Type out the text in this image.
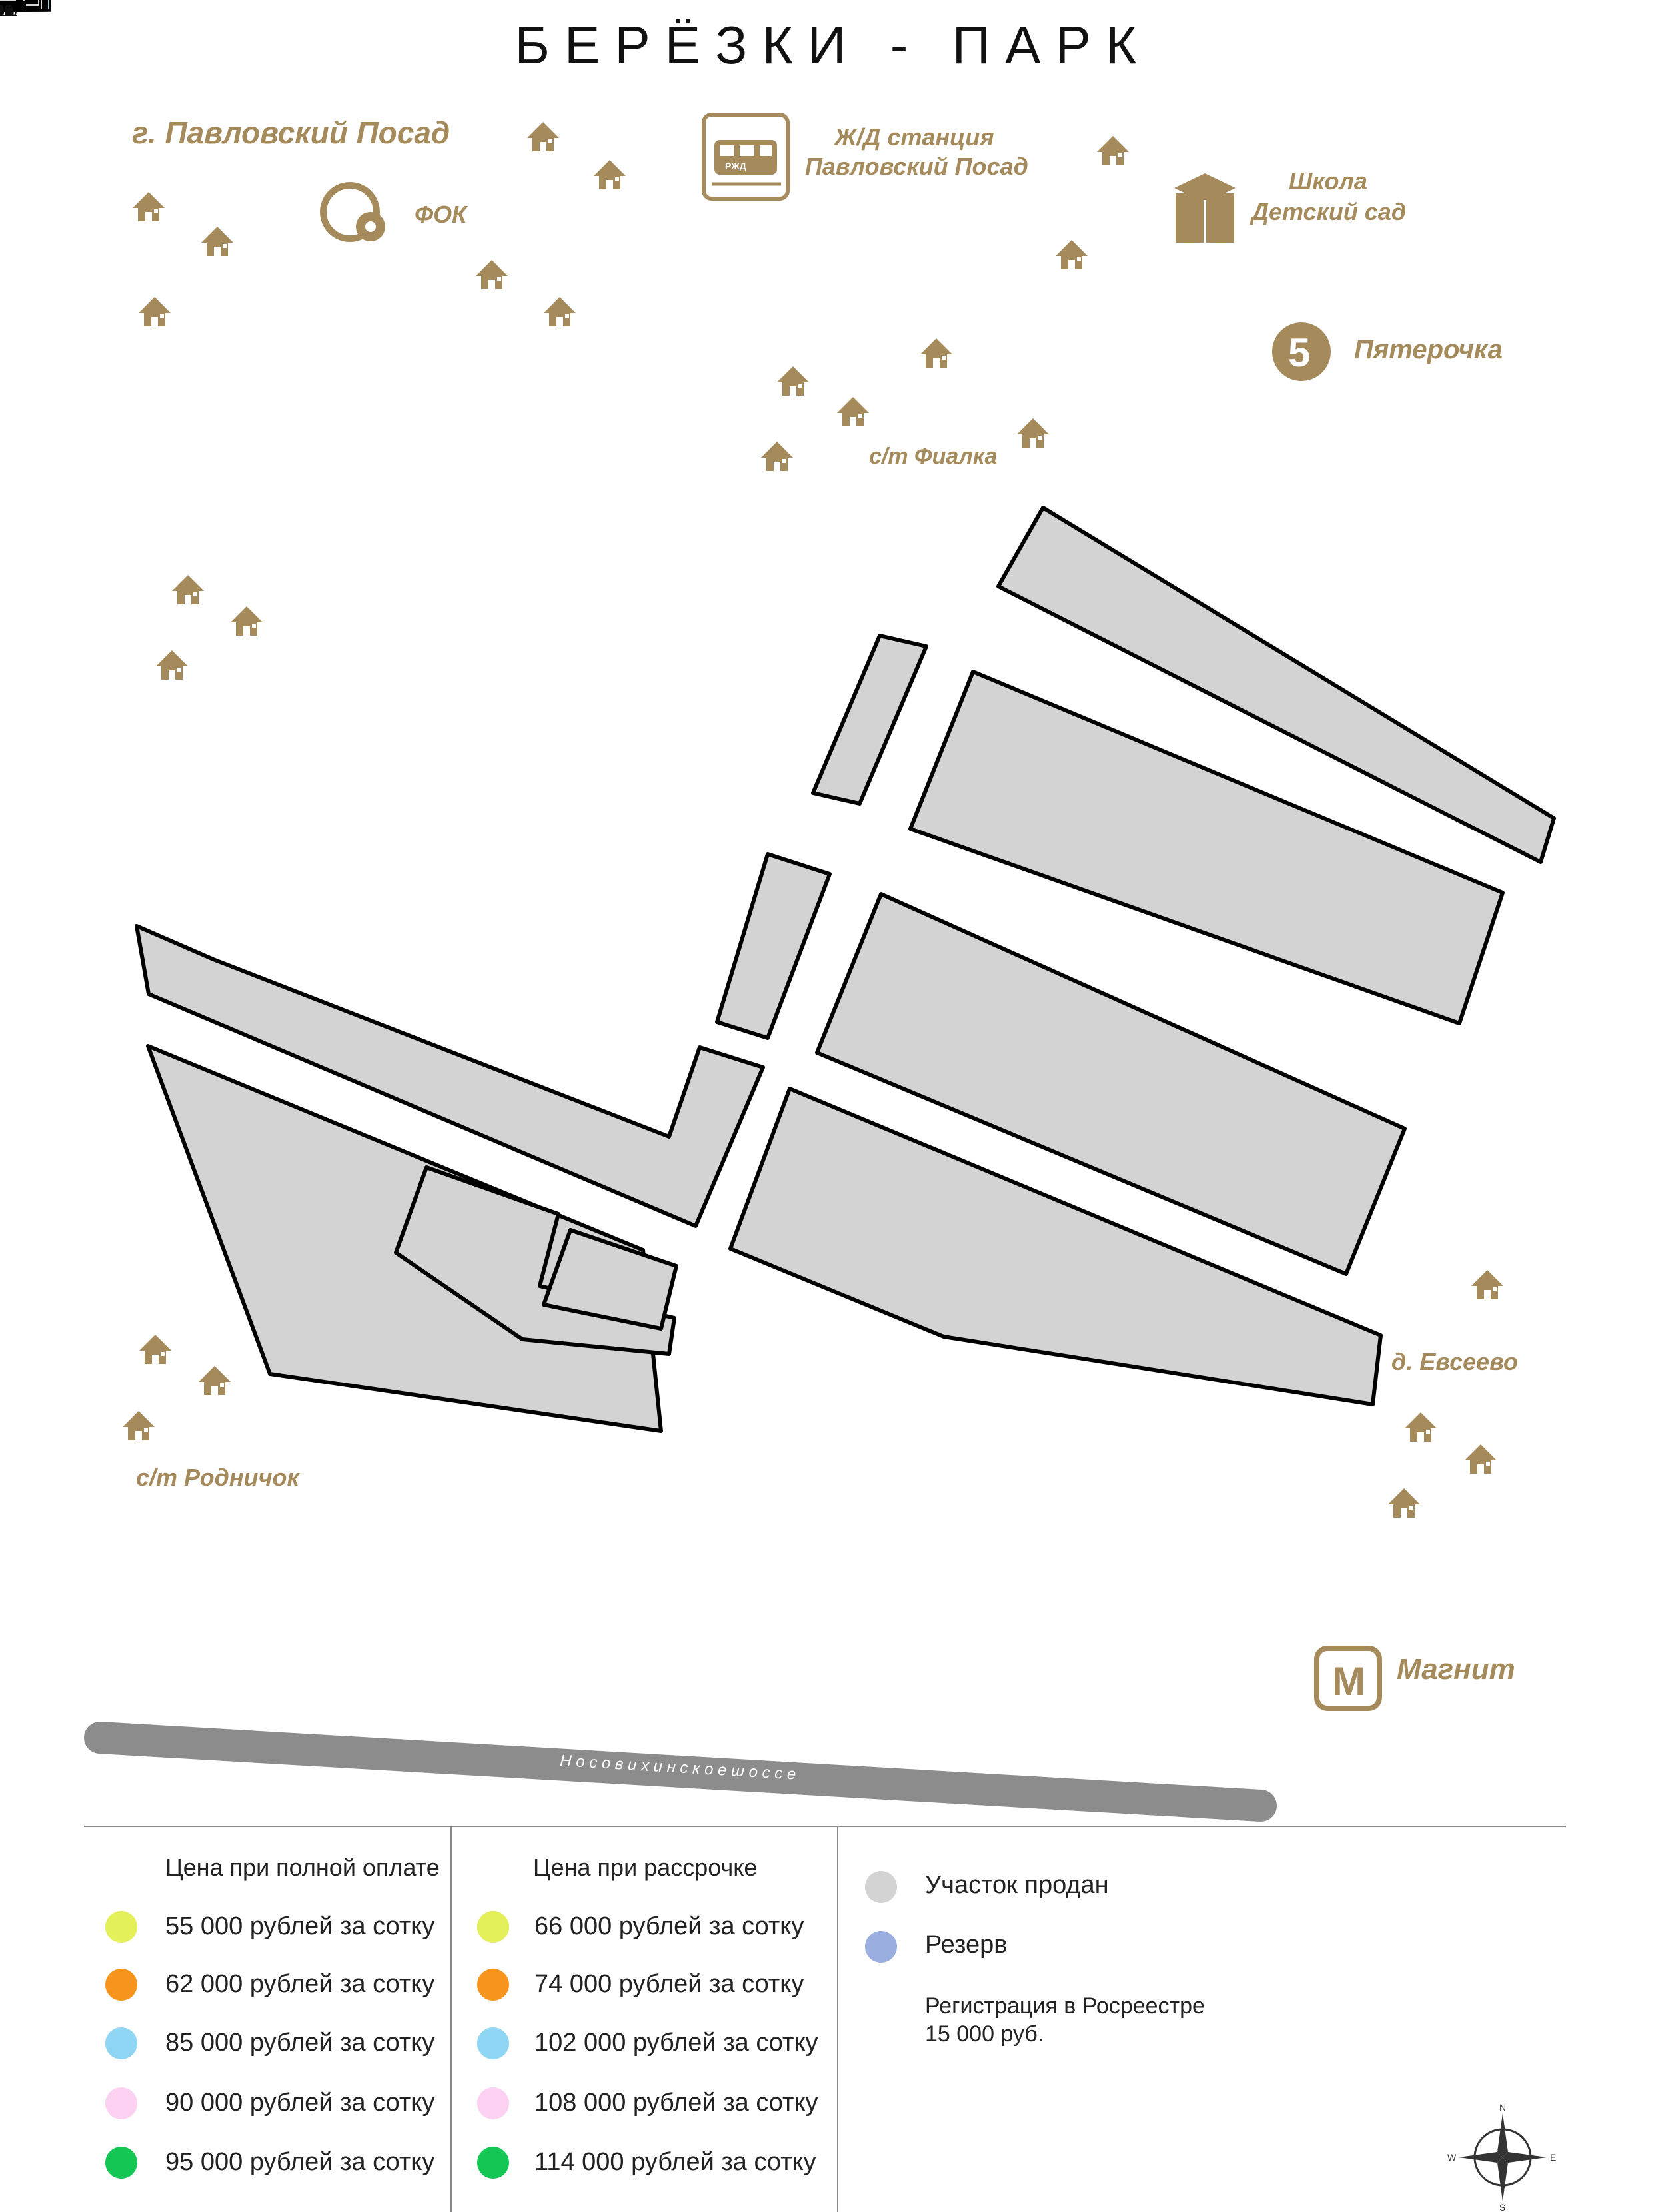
БЕРЁЗКИ - ПАРК
РЖД
5
М
г. Павловский Посад
ФОК
Ж/Д станция
Павловский Посад
Школа
Детский сад
Пятерочка
с/т Фиалка
д. Евсеево
с/т Родничок
Магнит
Н о с о в и х и н с к о е ш о с с е
7
0
0
1
1
0
0
0
0
0
0
0
0
0
0
0
2
0
0
0
0
0
0
0
0
0
0
0
0
0
0
0
0
0
0
0
0
0
0
0
0
0
0
0
0
0
0
0
6
5
0
0
0
0
0
0
0
0
0
0
0
0
0
0
0
8
0
0
0
0
0
0
0
0
0
0
0
0
0
0
0
0
0
0
0
0
0
0
0
0
0
0
2
0
0
0
0
0
0
0
8
1
3
5
7
4
7
1
8
0
3
0
3
2
6
7
0
0
4
8
4
1
1
4
5
8
1
4
4
9
0
9
0
0
0
9
9
1
0
9
8
Цена при полной оплате	Цена при рассрочке
55 000 рублей за сотку
62 000 рублей за сотку
85 000 рублей за сотку
90 000 рублей за сотку
95 000 рублей за сотку
66 000 рублей за сотку
74 000 рублей за сотку
102 000 рублей за сотку
108 000 рублей за сотку
114 000 рублей за сотку
Участок продан
Резерв
Регистрация в Росреестре
15 000 руб.
N
S
W	E
